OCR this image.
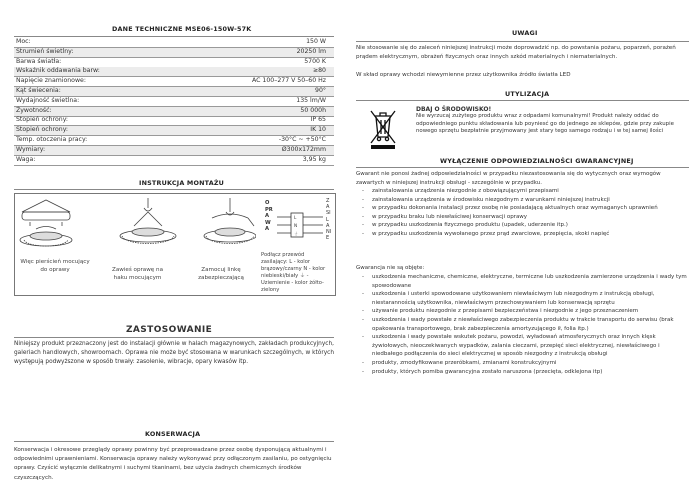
DANE TECHNICZNE MSE06-150W-57K
Moc:	150 W
Strumień świetlny:	20250 lm
Barwa światła:	5700 K
Wskaźnik oddawania barw:	≥80
Napięcie znamionowe:	AC 100–277 V 50–60 Hz
Kąt świecenia:	90°
Wydajność świetlna:	135 lm/W
Żywotność:	50 000h
Stopień ochrony:	IP 65
Stopień ochrony:	IK 10
Temp. otoczenia pracy:	-30°C ~ +50°C
Wymiary:	Ø300x172mm
Waga:	3,95 kg
INSTRUKCJA MONTAŻU
Więc pierścień mocujący do oprawy	Zawieś oprawę na haku mocującym
Zamocuj linkę zabezpieczającą
OPRAWA
ZASILANIE
L
N
⏚
Podłącz przewód zasilający: L - kolor brązowy/czarny N - kolor niebieski/biały ⏚ - Uziemienie - kolor żółto-zielony
ZASTOSOWANIE
Niniejszy produkt przeznaczony jest do instalacji głównie w halach magazynowych, zakładach produkcyjnych, galeriach handlowych, showroomach. Oprawa nie może być stosowana w warunkach szczególnych, w których występują podwyższone w sposób trwały: zasolenie, wibracje, opary kwasów itp.
KONSERWACJA
Konserwacja i okresowe przeglądy oprawy powinny być przeprowadzane przez osobę dysponującą aktualnymi i odpowiednimi uprawnieniami. Konserwacja oprawy należy wykonywać przy odłączonym zasilaniu, po ostygnięciu oprawy. Czyścić wyłącznie delikatnymi i suchymi tkaninami, bez użycia żadnych chemicznych środków czyszczących.
UWAGI
Nie stosowanie się do zaleceń niniejszej instrukcji może doprowadzić np. do powstania pożaru, poparzeń, porażeń prądem elektrycznym, obrażeń fizycznych oraz innych szkód materialnych i niematerialnych.
W skład oprawy wchodzi niewymienne przez użytkownika źródło światła LED
UTYLIZACJA
DBAJ O ŚRODOWISKO!
Nie wyrzucaj zużytego produktu wraz z odpadami komunalnymi! Produkt należy oddać do odpowiedniego punktu składowania lub poyniesć go do jednego ze sklepów, gdzie przy zakupie nowego sprzętu bezpłatnie przyjmowany jest stary tego samego rodzaju i w tej samej ilości
WYŁĄCZENIE ODPOWIEDZIALNOŚCI GWARANCYJNEJ
Gwarant nie ponosi żadnej odpowiedzialności w przypadku niezastosowania się do wytycznych oraz wymogów zawartych w niniejszej instrukcji obsługi - szczególnie w przypadku.
- zainstalowania urządzenia niezgodnie z obowiązującymi przepisami
- zainstalowania urządzenia w środowisku niezgodnym z warunkami niniejszej instrukcji
- w przypadku dokonania instalacji przez osobę nie posiadającą aktualnych oraz wymaganych uprawnień
- w przypadku braku lub niewłaściwej konserwacji oprawy
- w przypadku uszkodzenia fizycznego produktu (upadek, uderzenie itp.)
- w przypadku uszkodzenia wywołanego przez prąd zwarciowe, przepięcia, skoki napięć
Gwarancja nie są objęte:
- uszkodzenia mechaniczne, chemiczne, elektryczne, termiczne lub uszkodzenia zamierzone urządzenia i wady tym spowodowane
- uszkodzenia i usterki spowodowane użytkowaniem niewłaściwym lub niezgodnym z instrukcją obsługi, niestarannością użytkownika, niewłaściwym przechowywaniem lub konserwacją sprzętu
- używanie produktu niezgodnie z przepisami bezpieczeństwa i niezgodnie z jego przeznaczeniem
- uszkodzenia i wady powstałe z niewłaściwego zabezpieczenia produktu w trakcie transportu do serwisu (brak opakowania transportowego, brak zabezpieczenia amortyzującego ił, folia itp.)
- uszkodzenia i wady powstałe wskutek pożaru, powodzi, wyładowań atmosferycznych oraz innych klęsk żywiołowych, nieoczekiwanych wypadków, zalania cieczami, przepięć sieci elektrycznej, niewłaściwego i niedbałego podłączenia do sieci elektrycznej w sposób niezgodny z instrukcją obsługi
- produkty, zmodyfikowane przeróbkami, zmianami konstrukcyjnymi
- produkty, których pomiba gwarancyjna zostało naruszona (przecięta, odklejona itp)
